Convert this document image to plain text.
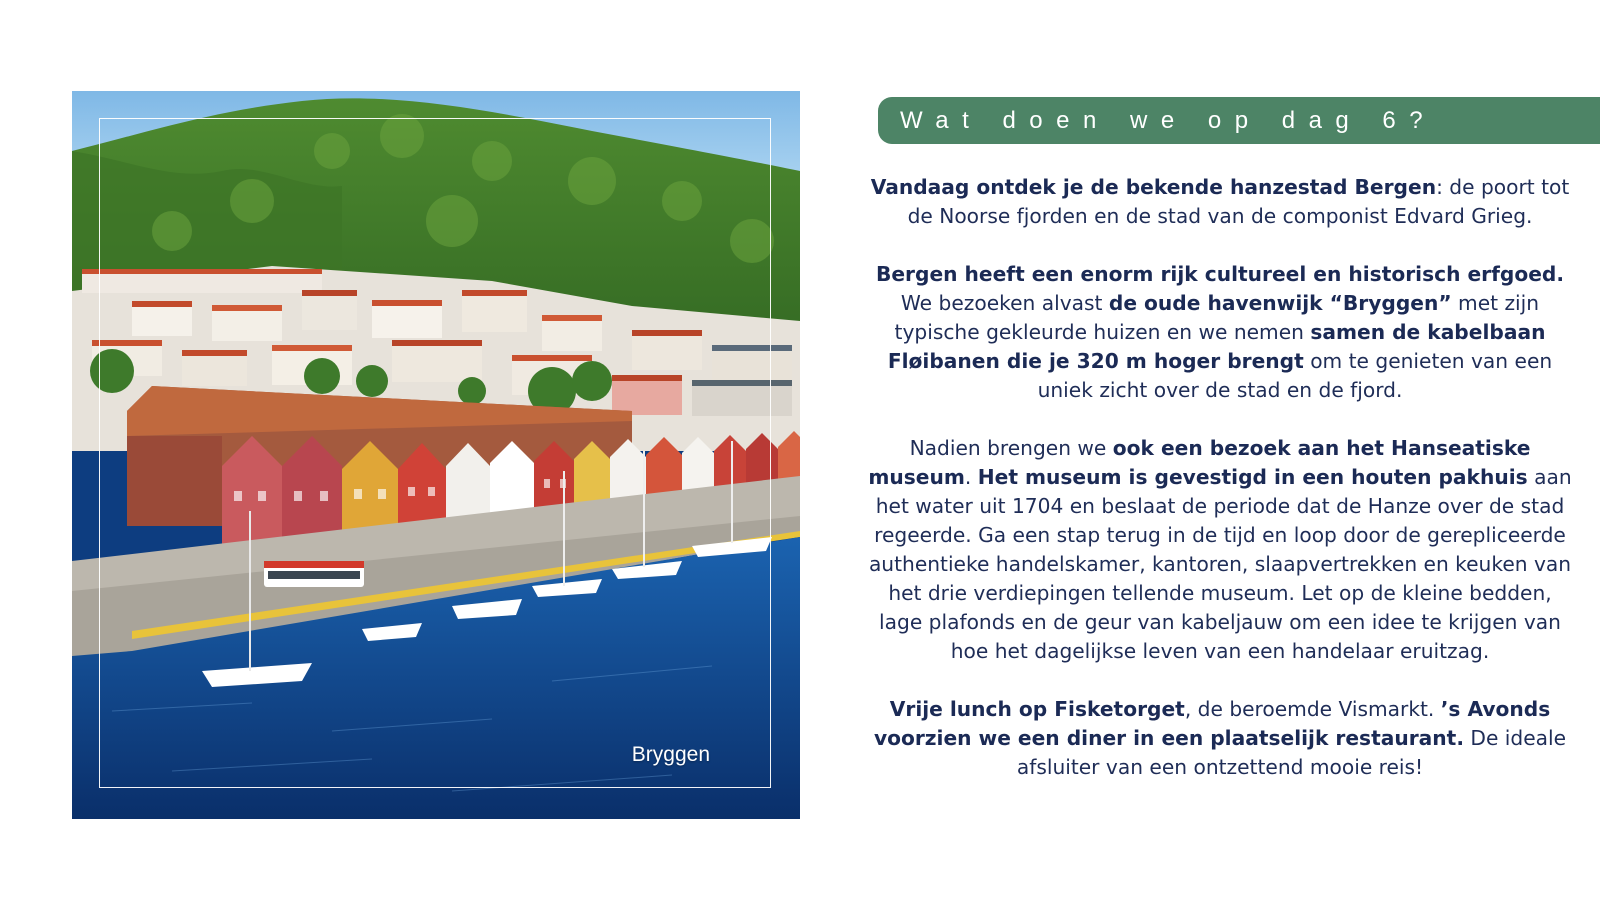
Bryggen
Wat doen we op dag 6?

Vandaag ontdek je de bekende hanzestad Bergen: de poort tot de Noorse fjorden en de stad van de componist Edvard Grieg.

Bergen heeft een enorm rijk cultureel en historisch erfgoed. We bezoeken alvast de oude havenwijk “Bryggen” met zijn typische gekleurde huizen en we nemen samen de kabelbaan Fløibanen die je 320 m hoger brengt om te genieten van een uniek zicht over de stad en de fjord.

Nadien brengen we ook een bezoek aan het Hanseatiske museum. Het museum is gevestigd in een houten pakhuis aan het water uit 1704 en beslaat de periode dat de Hanze over de stad regeerde. Ga een stap terug in de tijd en loop door de gerepliceerde authentieke handelskamer, kantoren, slaapvertrekken en keuken van het drie verdiepingen tellende museum. Let op de kleine bedden, lage plafonds en de geur van kabeljauw om een idee te krijgen van hoe het dagelijkse leven van een handelaar eruitzag.

Vrije lunch op Fisketorget, de beroemde Vismarkt. ’s Avonds voorzien we een diner in een plaatselijk restaurant. De ideale afsluiter van een ontzettend mooie reis!
